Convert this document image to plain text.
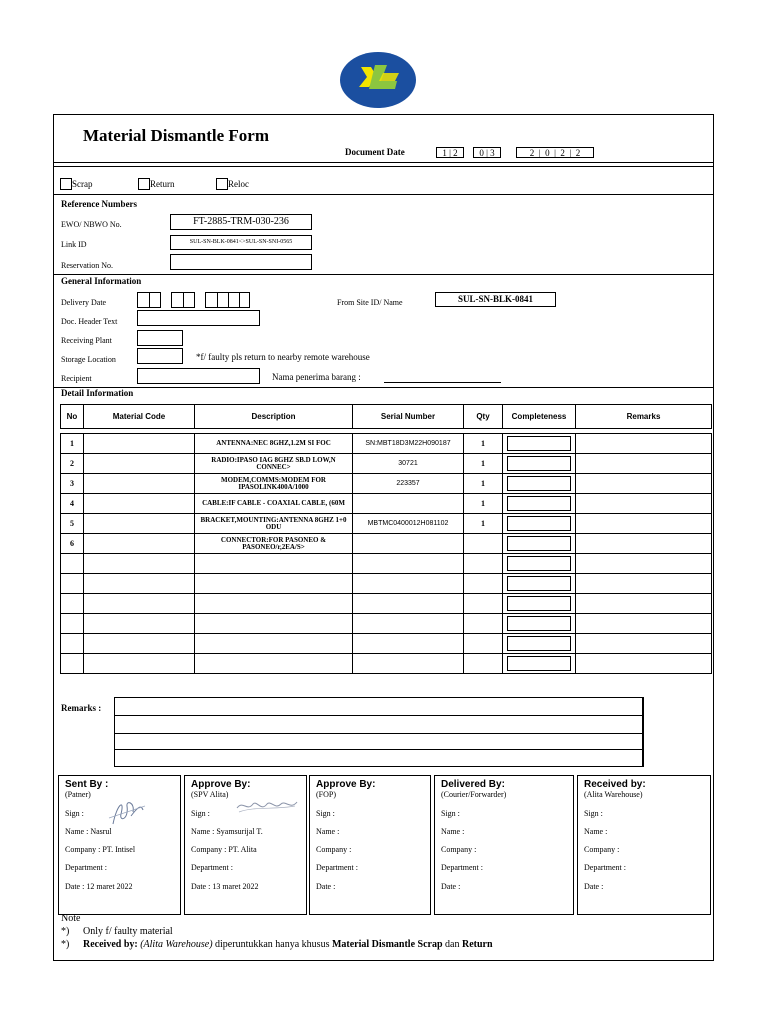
Material Dismantle Form
Document Date	1 | 2	0 | 3	2  |  0  |  2  |  2
Scrap	Return	Reloc
Reference Numbers
EWO/ NBWO No.	FT-2885-TRM-030-236
Link ID	SUL-SN-BLK-0841<>SUL-SN-SNI-0565
Reservation No.
General Information
Delivery Date	From Site ID/ Name	SUL-SN-BLK-0841
Doc. Header Text
Receiving Plant
Storage Location	*f/ faulty pls return to nearby remote warehouse
Recipient	Nama penerima barang :
Detail Information
No	Material Code	Description	Serial Number	Qty	Completeness	Remarks

1		ANTENNA:NEC 8GHZ,1.2M SI FOC	SN:MBT18D3M22H090187	1	

2		RADIO:IPASO IAG 8GHZ SB.D LOW,N CONNEC>	30721	1	

3		MODEM,COMMS:MODEM FOR IPASOLINK400A/1000	223357	1	

4		CABLE:IF CABLE - COAXIAL CABLE, (60M		1	

5		BRACKET,MOUNTING:ANTENNA 8GHZ 1+0 ODU	MBTMC0400012H081102	1	

6		CONNECTOR:FOR PASONEO & PASONEO/r,2EA/S>			

Remarks :
Sent By :
(Patner)
Sign :
Name : Nasrul
Company : PT. Intisel
Department :
Date : 12 maret 2022
Approve By:
(SPV Alita)
Sign :
Name : Syamsurijal T.
Company : PT. Alita
Department :
Date : 13 maret 2022
Approve By:
(FOP)
Sign :
Name :
Company :
Department :
Date :
Delivered By:
(Courier/Forwarder)
Sign :
Name :
Company :
Department :
Date :
Received by:
(Alita Warehouse)
Sign :
Name :
Company :
Department :
Date :
Note
*) Only f/ faulty material
*) Received by: (Alita Warehouse) diperuntukkan hanya khusus Material Dismantle Scrap dan Return
